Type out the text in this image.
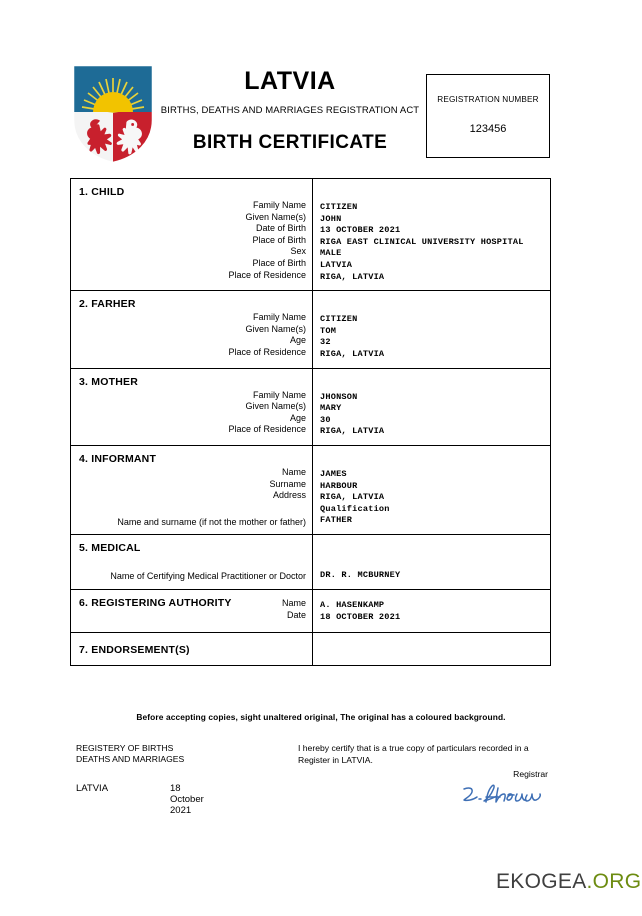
LATVIA
BIRTHS, DEATHS AND MARRIAGES REGISTRATION ACT
BIRTH CERTIFICATE
REGISTRATION NUMBER
123456
1. CHILD
Family Name
Given Name(s)
Date of Birth
Place of Birth
Sex
Place of Birth
Place of Residence
CITIZEN
JOHN
13 OCTOBER 2021
RIGA EAST CLINICAL UNIVERSITY HOSPITAL
MALE
LATVIA
RIGA, LATVIA
2. FARHER
Family Name
Given Name(s)
Age
Place of Residence
CITIZEN
TOM
32
RIGA, LATVIA
3. MOTHER
Family Name
Given Name(s)
Age
Place of Residence
JHONSON
MARY
30
RIGA, LATVIA
4. INFORMANT
Name
Surname
Address
Name and surname (if not the mother or father)
JAMES
HARBOUR
RIGA, LATVIA
Qualification
FATHER
5. MEDICAL
Name of Certifying Medical Practitioner or Doctor DR. R. MCBURNEY
6. REGISTERING AUTHORITY	Name
Date
A. HASENKAMP
18 OCTOBER 2021
7. ENDORSEMENT(S)
Before accepting copies, sight unaltered original, The original has a coloured background.
REGISTERY OF BIRTHS
DEATHS AND MARRIAGES
LATVIA	18 October 2021
I hereby certify that is a true copy of particulars recorded in a Register in LATVIA.
Registrar
EKOGEA.ORG
